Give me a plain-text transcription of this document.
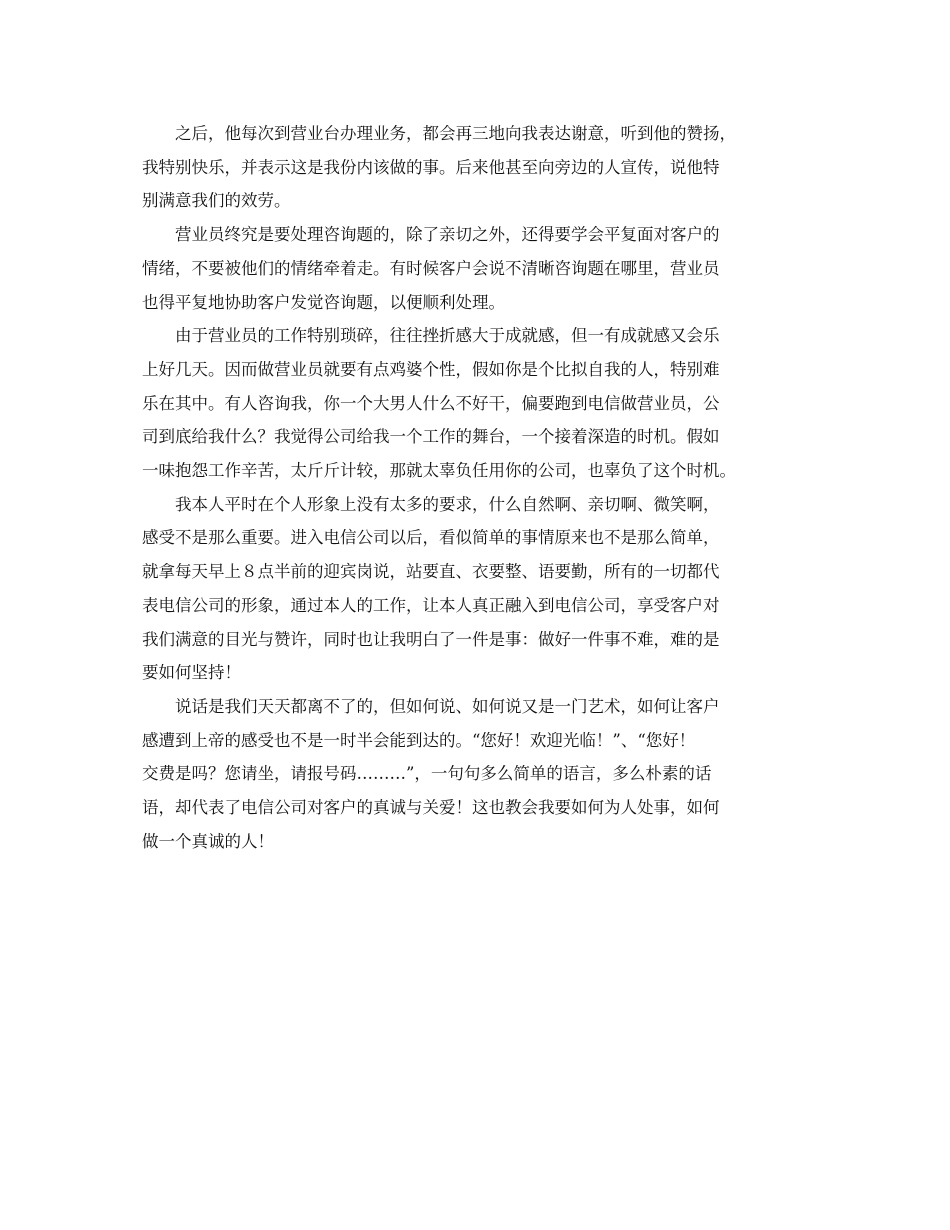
之后，他每次到营业台办理业务，都会再三地向我表达谢意，听到他的赞扬，
我特别快乐，并表示这是我份内该做的事。后来他甚至向旁边的人宣传，说他特
别满意我们的效劳。

营业员终究是要处理咨询题的，除了亲切之外，还得要学会平复面对客户的
情绪，不要被他们的情绪牵着走。有时候客户会说不清晰咨询题在哪里，营业员
也得平复地协助客户发觉咨询题，以便顺利处理。

由于营业员的工作特别琐碎，往往挫折感大于成就感，但一有成就感又会乐
上好几天。因而做营业员就要有点鸡婆个性，假如你是个比拟自我的人，特别难
乐在其中。有人咨询我，你一个大男人什么不好干，偏要跑到电信做营业员，公
司到底给我什么？我觉得公司给我一个工作的舞台，一个接着深造的时机。假如
一味抱怨工作辛苦，太斤斤计较，那就太辜负任用你的公司，也辜负了这个时机。

我本人平时在个人形象上没有太多的要求，什么自然啊、亲切啊、微笑啊，
感受不是那么重要。进入电信公司以后，看似简单的事情原来也不是那么简单，
就拿每天早上８点半前的迎宾岗说，站要直、衣要整、语要勤，所有的一切都代
表电信公司的形象，通过本人的工作，让本人真正融入到电信公司，享受客户对
我们满意的目光与赞许，同时也让我明白了一件是事：做好一件事不难，难的是
要如何坚持！

说话是我们天天都离不了的，但如何说、如何说又是一门艺术，如何让客户
感遭到上帝的感受也不是一时半会能到达的。“您好！欢迎光临！”、“您好！
交费是吗？您请坐，请报号码………”，一句句多么简单的语言，多么朴素的话
语，却代表了电信公司对客户的真诚与关爱！这也教会我要如何为人处事，如何
做一个真诚的人！
